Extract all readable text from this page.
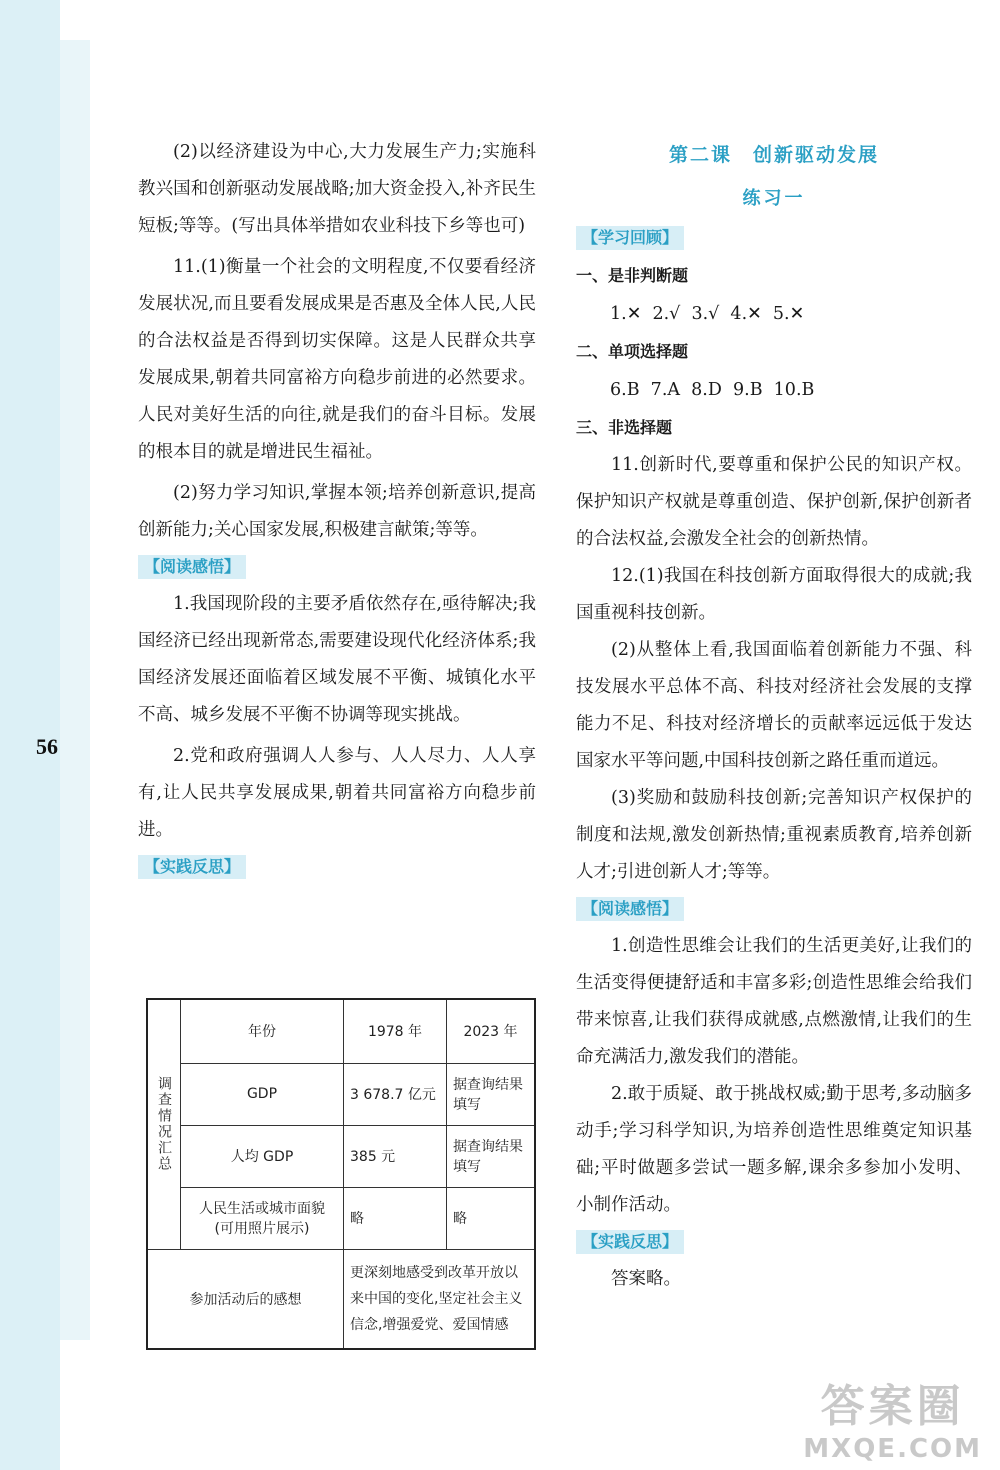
56

(2)以经济建设为中心,大力发展生产力;实施科教兴国和创新驱动发展战略;加大资金投入,补齐民生短板;等等。(写出具体举措如农业科技下乡等也可)

11.(1)衡量一个社会的文明程度,不仅要看经济发展状况,而且要看发展成果是否惠及全体人民,人民的合法权益是否得到切实保障。这是人民群众共享发展成果,朝着共同富裕方向稳步前进的必然要求。人民对美好生活的向往,就是我们的奋斗目标。发展的根本目的就是增进民生福祉。

(2)努力学习知识,掌握本领;培养创新意识,提高创新能力;关心国家发展,积极建言献策;等等。

【阅读感悟】

1.我国现阶段的主要矛盾依然存在,亟待解决;我国经济已经出现新常态,需要建设现代化经济体系;我国经济发展还面临着区域发展不平衡、城镇化水平不高、城乡发展不平衡不协调等现实挑战。

2.党和政府强调人人参与、人人尽力、人人享有,让人民共享发展成果,朝着共同富裕方向稳步前进。

【实践反思】
调查情况汇总	年份	1978 年	2023 年
	GDP	3 678.7 亿元	据查询结果填写
	人均 GDP	385 元	据查询结果填写
	人民生活或城市面貌
(可用照片展示)	略	略
参加活动后的感想		更深刻地感受到改革开放以来中国的变化,坚定社会主义信念,增强爱党、爱国情感	
第二课　创新驱动发展
练习一
【学习回顾】
一、是非判断题
1.✕  2.√  3.√  4.✕  5.✕
二、单项选择题
6.B  7.A  8.D  9.B  10.B
三、非选择题

11.创新时代,要尊重和保护公民的知识产权。保护知识产权就是尊重创造、保护创新,保护创新者的合法权益,会激发全社会的创新热情。

12.(1)我国在科技创新方面取得很大的成就;我国重视科技创新。

(2)从整体上看,我国面临着创新能力不强、科技发展水平总体不高、科技对经济社会发展的支撑能力不足、科技对经济增长的贡献率远远低于发达国家水平等问题,中国科技创新之路任重而道远。

(3)奖励和鼓励科技创新;完善知识产权保护的制度和法规,激发创新热情;重视素质教育,培养创新人才;引进创新人才;等等。

【阅读感悟】

1.创造性思维会让我们的生活更美好,让我们的生活变得便捷舒适和丰富多彩;创造性思维会给我们带来惊喜,让我们获得成就感,点燃激情,让我们的生命充满活力,激发我们的潜能。

2.敢于质疑、敢于挑战权威;勤于思考,多动脑多动手;学习科学知识,为培养创造性思维奠定知识基础;平时做题多尝试一题多解,课余多参加小发明、小制作活动。

【实践反思】

答案略。

答案圈
MXQE.COM
